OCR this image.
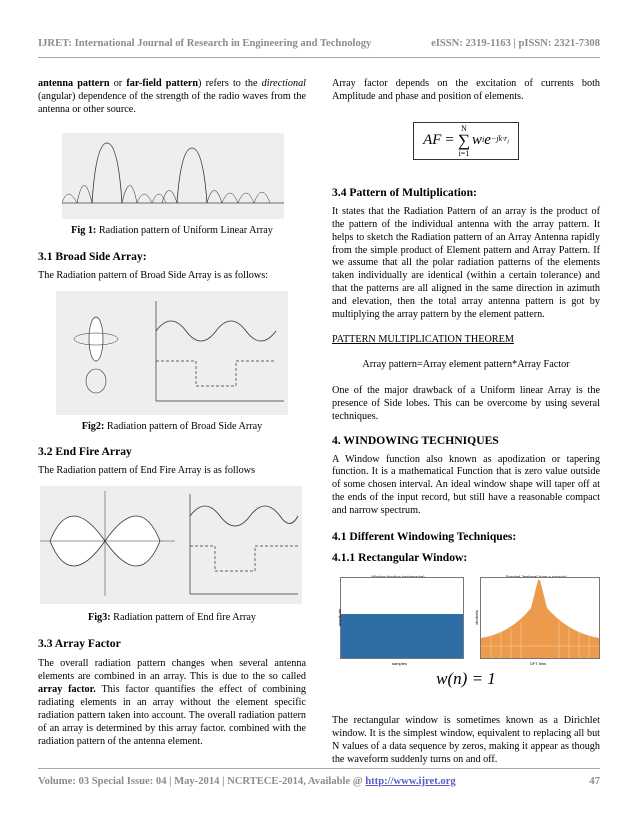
IJRET: International Journal of Research in Engineering and Technology	eISSN: 2319-1163 | pISSN: 2321-7308

antenna pattern or far-field pattern) refers to the directional (angular) dependence of the strength of the radio waves from the antenna or other source.

Fig 1: Radiation pattern of Uniform Linear Array

3.1 Broad Side Array:

The Radiation pattern of Broad Side Array is as follows:

Fig2: Radiation pattern of Broad Side Array

3.2 End Fire Array

The Radiation pattern of End Fire Array is as follows

Fig3: Radiation pattern of End fire Array

3.3 Array Factor

The overall radiation pattern changes when several antenna elements are combined in an array. This is due to the so called array factor. This factor quantifies the effect of combining radiating elements in an array without the element specific radiation pattern taken into account. The overall radiation pattern of an array is determined by this array factor. combined with the radiation pattern of the antenna element.

Array factor depends on the excitation of currents both Amplitude and phase and position of elements.

AF =
N
∑
i=1
w i $e -jk\cdot r_i$
3.4 Pattern of Multiplication:

It states that the Radiation Pattern of an array is the product of the pattern of the individual antenna with the array pattern. It helps to sketch the Radiation pattern of an Array Antenna rapidly from the simple product of Element pattern and Array Pattern. If we assume that all the polar radiation patterns of the elements taken individually are identical (within a certain tolerance) and that the patterns are all aligned in the same direction in azimuth and elevation, then the total array antenna pattern is got by multiplying the array pattern by the element pattern.

PATTERN MULTIPLICATION THEOREM

Array pattern=Array element pattern*Array Factor

One of the major drawback of a Uniform linear Array is the presence of Side lobes. This can be overcome by using several techniques.

4. WINDOWING TECHNIQUES

A Window function also known as apodization or tapering function. It is a mathematical Function that is zero value outside of some chosen interval. An ideal window shape will taper off at the ends of the input record, but still have a reasonable compact and narrow spectrum.

4.1 Different Windowing Techniques:
4.1.1 Rectangular Window:
amplitude
samples
decibels
DFT bins

w(n) = 1

The rectangular window is sometimes known as a Dirichlet window. It is the simplest window, equivalent to replacing all but N values of a data sequence by zeros, making it appear as though the waveform suddenly turns on and off.

Volume: 03 Special Issue: 04 | May-2014 | NCRTECE-2014, Available @ http://www.ijret.org	47
